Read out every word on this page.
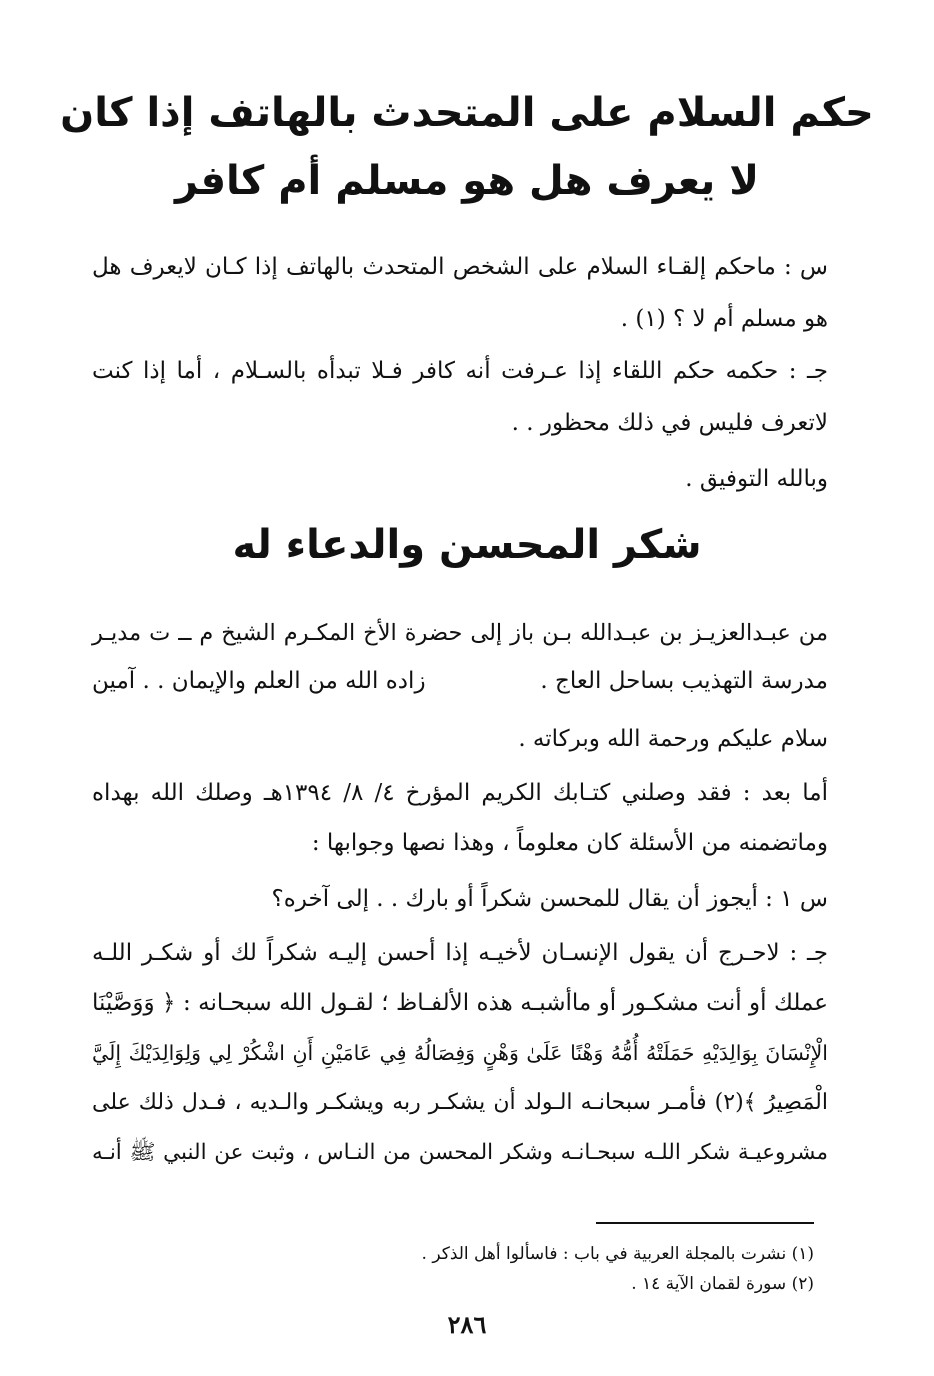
حكم السلام على المتحدث بالهاتف إذا كان
لا يعرف هل هو مسلم أم كافر

س : ماحكم إلقـاء السلام على الشخص المتحدث بالهاتف إذا كـان لايعرف هل

هو مسلم أم لا ؟ (١) .

جـ : حكمه حكم اللقاء إذا عـرفت أنه كافر فـلا تبدأه بالسـلام ، أما إذا كنت

لاتعرف فليس في ذلك محظور . .

وبالله التوفيق .

شكر المحسن والدعاء له

من عبـدالعزيـز بن عبـدالله بـن باز إلى حضرة الأخ المكـرم الشيخ م ــ ت مديـر

مدرسة التهذيب بساحل العاج .
زاده الله من العلم والإيمان . . آمين

سلام عليكم ورحمة الله وبركاته .

أما بعد : فقد وصلني كتـابك الكريم المؤرخ ٤/ ٨/ ١٣٩٤هـ وصلك الله بهداه

وماتضمنه من الأسئلة كان معلوماً ، وهذا نصها وجوابها :

س ١ : أيجوز أن يقال للمحسن شكراً أو بارك . . إلى آخره؟

جـ : لاحـرج أن يقول الإنسـان لأخيـه إذا أحسن إليـه شكراً لك أو شكـر اللـه

عملك أو أنت مشكـور أو ماأشبـه هذه الألفـاظ ؛ لقـول الله سبحـانه : ﴿ وَوَصَّيْنَا

الْإِنْسَانَ بِوَالِدَيْهِ حَمَلَتْهُ أُمُّهُ وَهْنًا عَلَىٰ وَهْنٍ وَفِصَالُهُ فِي عَامَيْنِ أَنِ اشْكُرْ لِي وَلِوَالِدَيْكَ إِلَيَّ

الْمَصِيرُ ﴾(٢) فأمـر سبحانـه الـولد أن يشكـر ربه ويشكـر والـديه ، فـدل ذلك على

مشروعيـة شكر اللـه سبحـانـه وشكر المحسن من النـاس ، وثبت عن النبي ﷺ أنـه

(١) نشرت بالمجلة العربية في باب : فاسألوا أهل الذكر .

(٢) سورة لقمان الآية ١٤ .

٢٨٦
